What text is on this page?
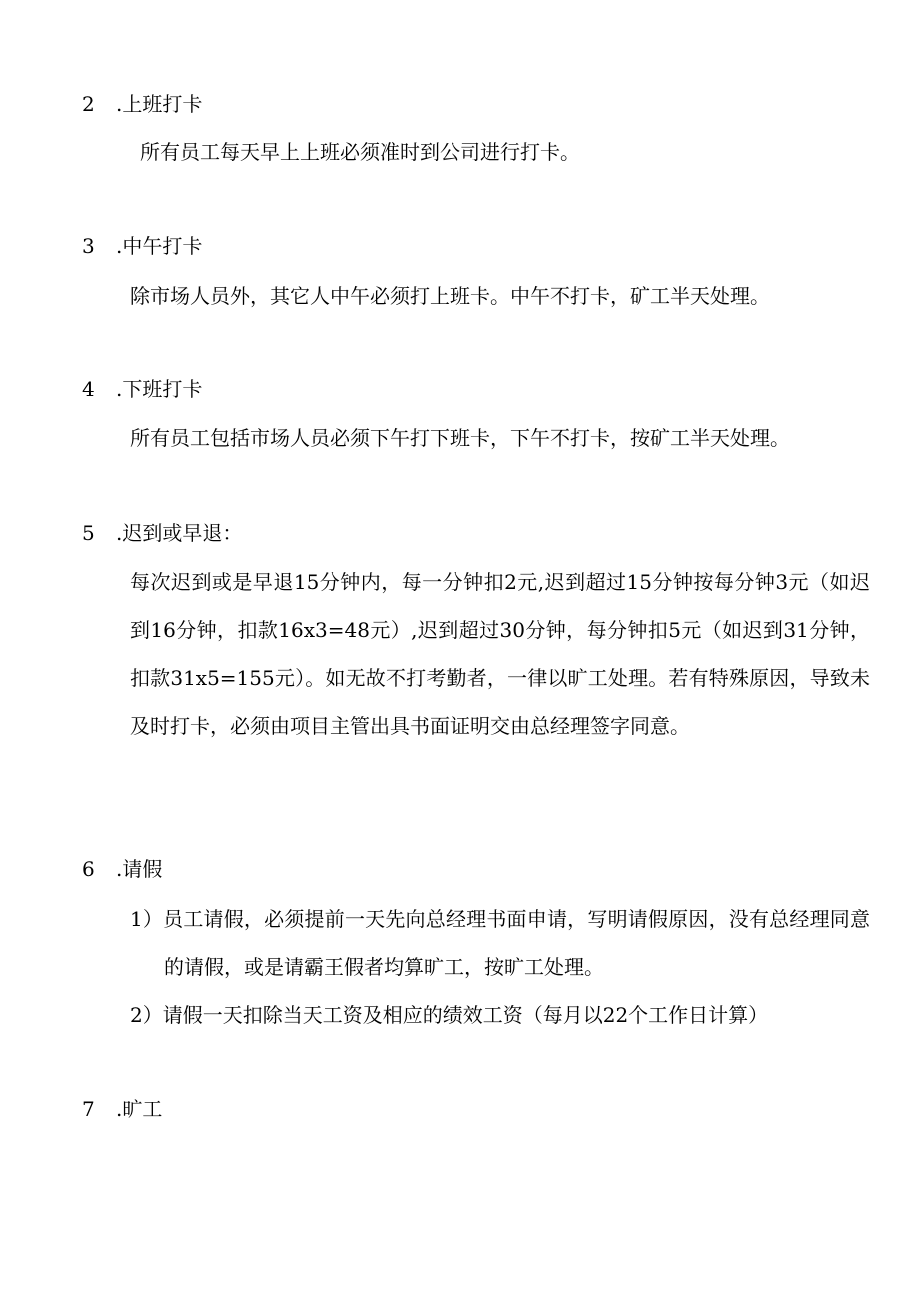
2 .上班打卡

所有员工每天早上上班必须准时到公司进行打卡。

3 .中午打卡

除市场人员外，其它人中午必须打上班卡。中午不打卡，矿工半天处理。

4 .下班打卡

所有员工包括市场人员必须下午打下班卡，下午不打卡，按矿工半天处理。

5 .迟到或早退：

每次迟到或是早退15分钟内，每一分钟扣2元,迟到超过15分钟按每分钟3元（如迟到16分钟，扣款16x3=48元）,迟到超过30分钟，每分钟扣5元（如迟到31分钟，扣款31x5=155元）。如无故不打考勤者，一律以旷工处理。若有特殊原因，导致未及时打卡，必须由项目主管出具书面证明交由总经理签字同意。

6 .请假

1）员工请假，必须提前一天先向总经理书面申请，写明请假原因，没有总经理同意的请假，或是请霸王假者均算旷工，按旷工处理。

2）请假一天扣除当天工资及相应的绩效工资（每月以22个工作日计算）

7 .旷工
